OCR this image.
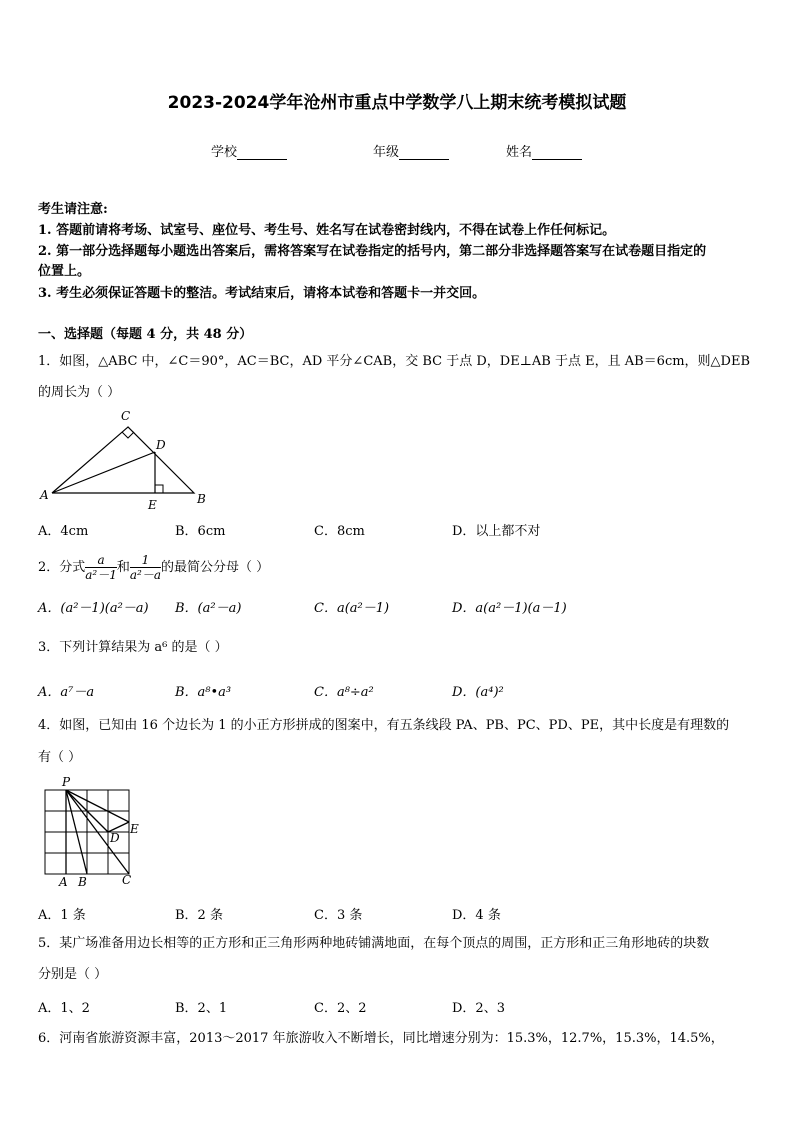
2023-2024学年沧州市重点中学数学八上期末统考模拟试题
学校	年级	姓名
考生请注意:
1. 答题前请将考场、试室号、座位号、考生号、姓名写在试卷密封线内，不得在试卷上作任何标记。
2. 第一部分选择题每小题选出答案后，需将答案写在试卷指定的括号内，第二部分非选择题答案写在试卷题目指定的
位置上。
3. 考生必须保证答题卡的整洁。考试结束后，请将本试卷和答题卡一并交回。
一、选择题（每题 4 分，共 48 分）
1．如图，△ABC 中，∠C＝90°，AC＝BC，AD 平分∠CAB，交 BC 于点 D，DE⊥AB 于点 E，且 AB＝6cm，则△DEB
的周长为（ ）
A	B
C
D
E
A．4cm	B．6cm	C．8cm	D．以上都不对
2．分式 $\frac{a}{\text{a²－1}}$ 和 $\frac{1}{\text{a²－a}}$ 的最简公分母（ ）
A．(a²－1)(a²－a) B．(a²－a)	C．a(a²－1)	D．a(a²－1)(a－1)
3．下列计算结果为 a⁶ 的是（ ）
A．a⁷－a	B．a⁸•a³	C．a⁸÷a²	D．(a⁴)²
4．如图，已知由 16 个边长为 1 的小正方形拼成的图案中，有五条线段 PA、PB、PC、PD、PE，其中长度是有理数的
有（ ）
P
A B	C
D
E
A．1 条	B．2 条	C．3 条	D．4 条
5．某广场准备用边长相等的正方形和正三角形两种地砖铺满地面，在每个顶点的周围，正方形和正三角形地砖的块数
分别是（ ）
A．1、2	B．2、1	C．2、2	D．2、3
6．河南省旅游资源丰富，2013～2017 年旅游收入不断增长，同比增速分别为：15.3%，12.7%，15.3%，14.5%，
